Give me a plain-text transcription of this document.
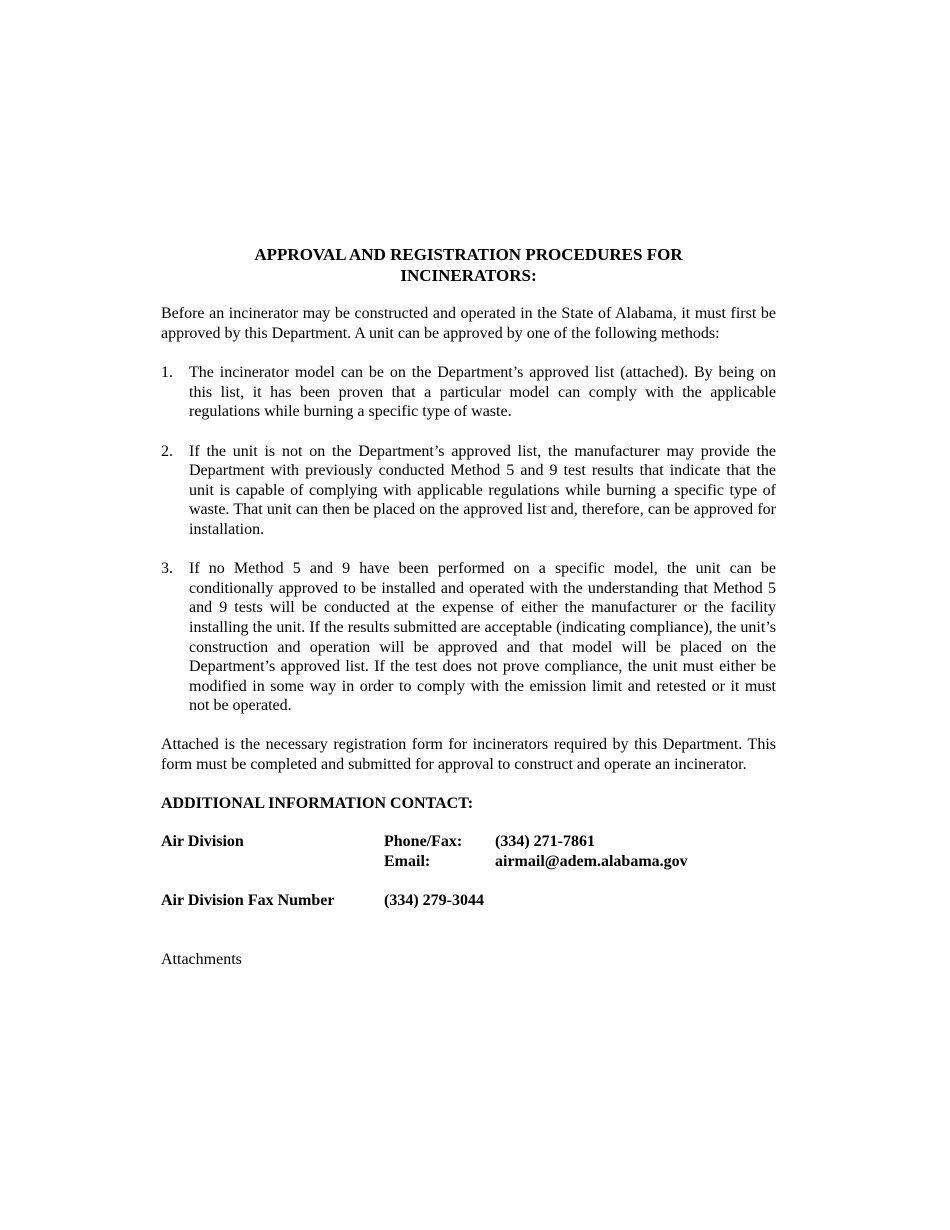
APPROVAL AND REGISTRATION PROCEDURES FOR
INCINERATORS:

Before an incinerator may be constructed and operated in the State of Alabama, it must first be approved by this Department. A unit can be approved by one of the following methods:

1. The incinerator model can be on the Department’s approved list (attached). By being on this list, it has been proven that a particular model can comply with the applicable regulations while burning a specific type of waste.
2. If the unit is not on the Department’s approved list, the manufacturer may provide the Department with previously conducted Method 5 and 9 test results that indicate that the unit is capable of complying with applicable regulations while burning a specific type of waste. That unit can then be placed on the approved list and, therefore, can be approved for installation.
3. If no Method 5 and 9 have been performed on a specific model, the unit can be conditionally approved to be installed and operated with the understanding that Method 5 and 9 tests will be conducted at the expense of either the manufacturer or the facility installing the unit. If the results submitted are acceptable (indicating compliance), the unit’s construction and operation will be approved and that model will be placed on the Department’s approved list. If the test does not prove compliance, the unit must either be modified in some way in order to comply with the emission limit and retested or it must not be operated.

Attached is the necessary registration form for incinerators required by this Department. This form must be completed and submitted for approval to construct and operate an incinerator.

ADDITIONAL INFORMATION CONTACT:

Air Division	Phone/Fax: (334) 271-7861
Email:	airmail@adem.alabama.gov
Air Division Fax Number	(334) 279-3044

Attachments
